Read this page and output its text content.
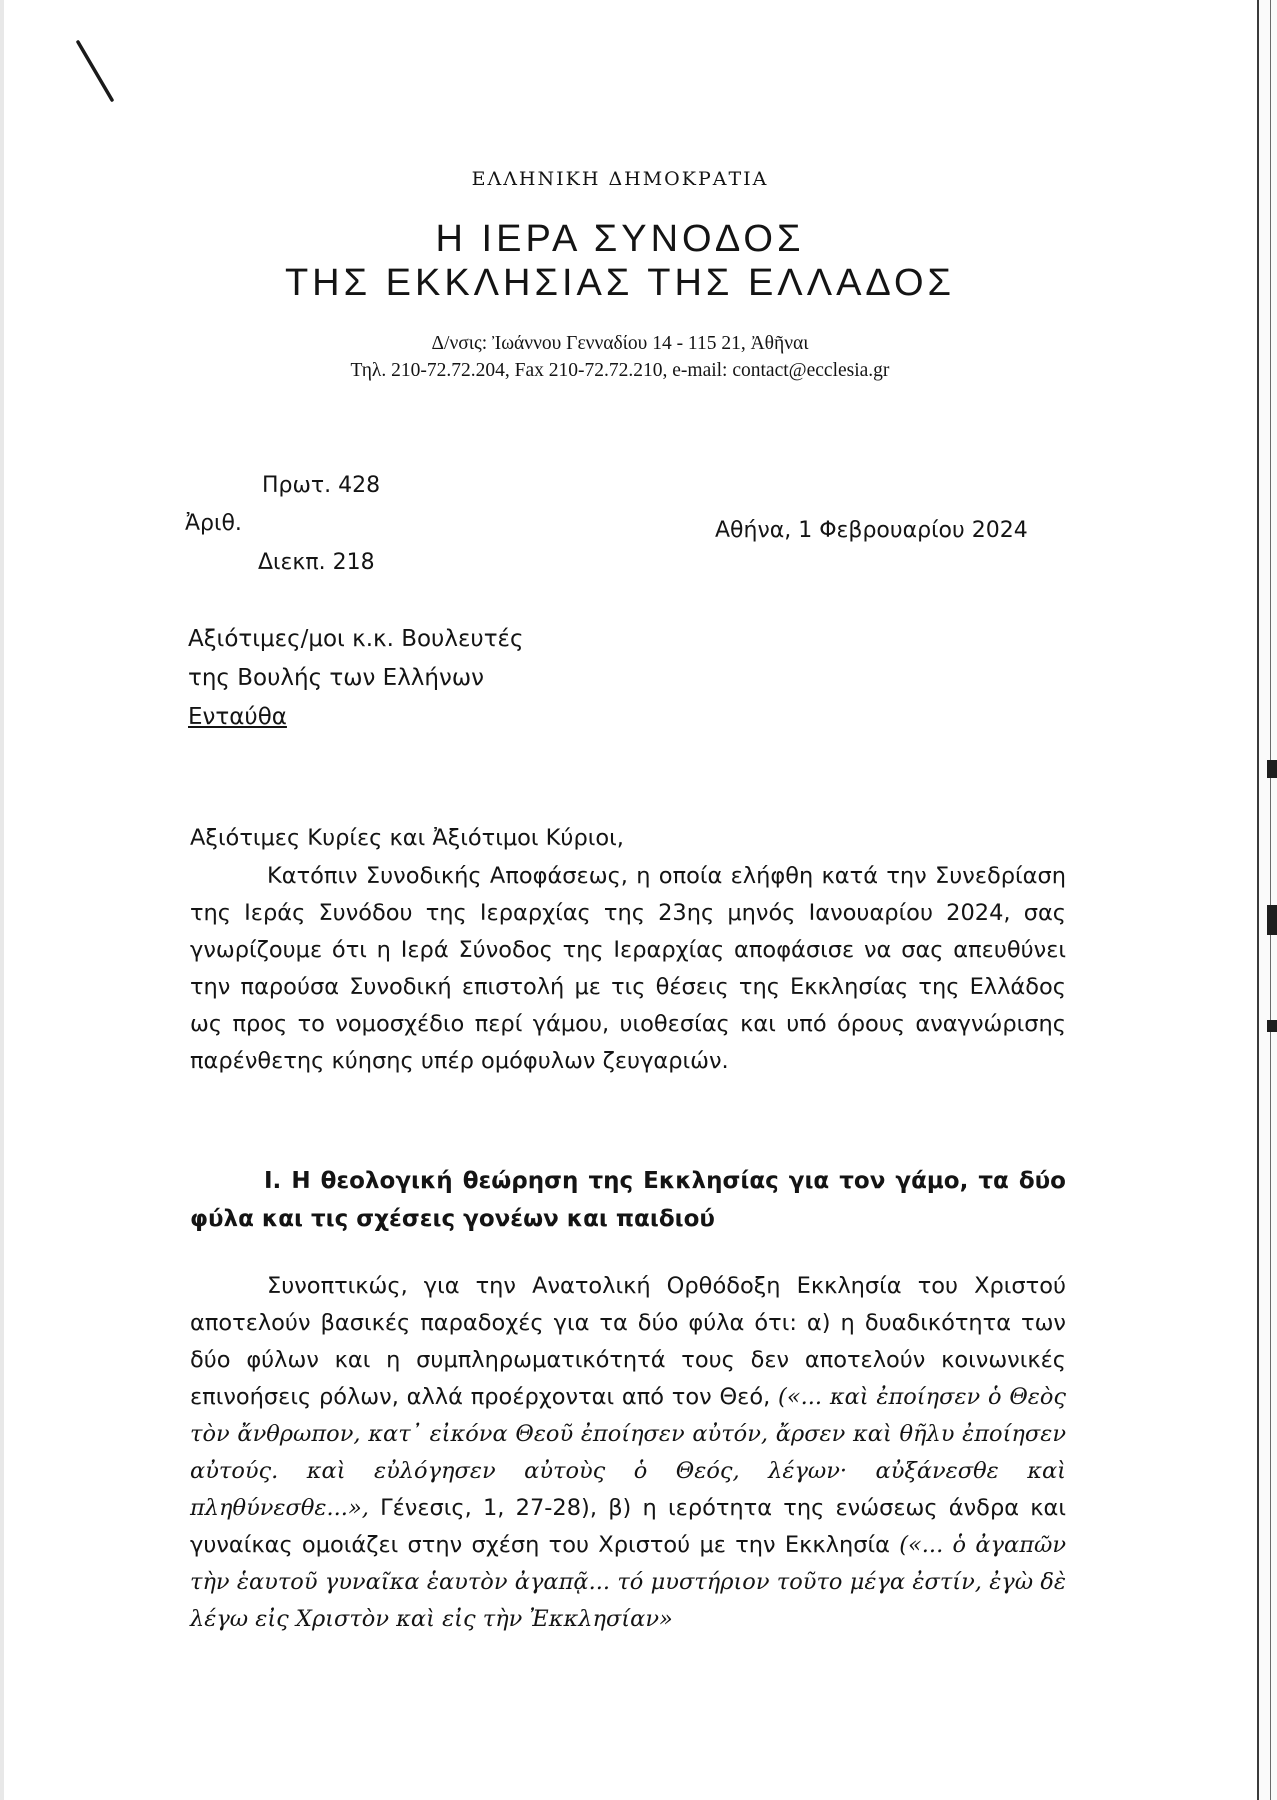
ΕΛΛΗΝΙΚΗ ΔΗΜΟΚΡΑΤΙΑ
Η ΙΕΡΑ ΣΥΝΟΔΟΣ
ΤΗΣ ΕΚΚΛΗΣΙΑΣ ΤΗΣ ΕΛΛΑΔΟΣ
Δ/νσις: Ἰωάννου Γενναδίου 14 - 115 21, Ἀθῆναι
Τηλ. 210-72.72.204, Fax 210-72.72.210, e-mail: contact@ecclesia.gr
Πρωτ. 428
Ἀριθ.
Διεκπ. 218
Αθήνα, 1 Φεβρουαρίου 2024
Αξιότιμες/μοι κ.κ. Βουλευτές
της Βουλής των Ελλήνων
Ενταύθα
Αξιότιμες Κυρίες και Ἀξιότιμοι Κύριοι,
Κατόπιν Συνοδικής Αποφάσεως, η οποία ελήφθη κατά την Συνεδρίαση της Ιεράς Συνόδου της Ιεραρχίας της 23ης μηνός Ιανουαρίου 2024, σας γνωρίζουμε ότι η Ιερά Σύνοδος της Ιεραρχίας αποφάσισε να σας απευθύνει την παρούσα Συνοδική επιστολή με τις θέσεις της Εκκλησίας της Ελλάδος ως προς το νομοσχέδιο περί γάμου, υιοθεσίας και υπό όρους αναγνώρισης παρένθετης κύησης υπέρ ομόφυλων ζευγαριών.
Ι. Η θεολογική θεώρηση της Εκκλησίας για τον γάμο, τα δύο φύλα και τις σχέσεις γονέων και παιδιού
Συνοπτικώς, για την Ανατολική Ορθόδοξη Εκκλησία του Χριστού αποτελούν βασικές παραδοχές για τα δύο φύλα ότι: α) η δυαδικότητα των δύο φύλων και η συμπληρωματικότητά τους δεν αποτελούν κοινωνικές επινοήσεις ρόλων, αλλά προέρχονται από τον Θεό, («... καὶ ἐποίησεν ὁ Θεὸς τὸν ἄνθρωπον, κατ᾿ εἰκόνα Θεοῦ ἐποίησεν αὐτόν, ἄρσεν καὶ θῆλυ ἐποίησεν αὐτούς. καὶ εὐλόγησεν αὐτοὺς ὁ Θεός, λέγων· αὐξάνεσθε καὶ πληθύνεσθε...», Γένεσις, 1, 27-28), β) η ιερότητα της ενώσεως άνδρα και γυναίκας ομοιάζει στην σχέση του Χριστού με την Εκκλησία («... ὁ ἀγαπῶν τὴν ἑαυτοῦ γυναῖκα ἑαυτὸν ἀγαπᾷ... τό μυστήριον τοῦτο μέγα ἐστίν, ἐγὼ δὲ λέγω εἰς Χριστὸν καὶ εἰς τὴν Ἐκκλησίαν»
